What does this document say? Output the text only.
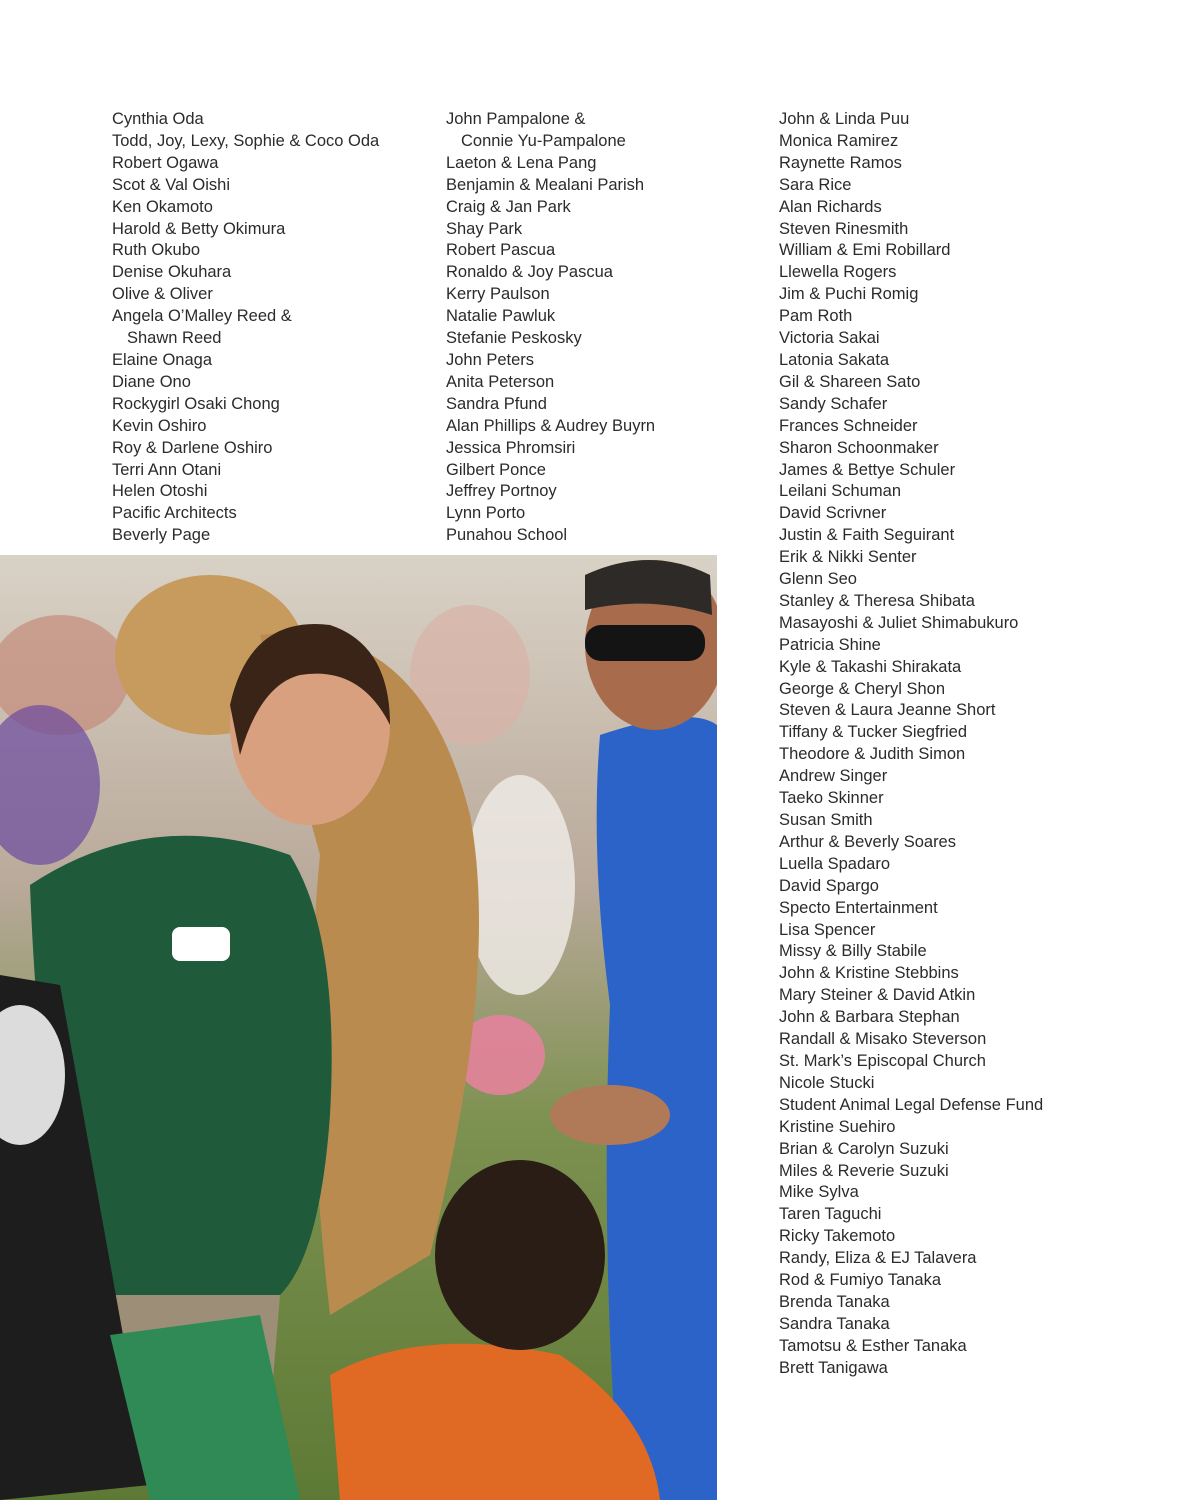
Cynthia Oda
Todd, Joy, Lexy, Sophie & Coco Oda
Robert Ogawa
Scot & Val Oishi
Ken Okamoto
Harold & Betty Okimura
Ruth Okubo
Denise Okuhara
Olive & Oliver
Angela O’Malley Reed &
Shawn Reed
Elaine Onaga
Diane Ono
Rockygirl Osaki Chong
Kevin Oshiro
Roy & Darlene Oshiro
Terri Ann Otani
Helen Otoshi
Pacific Architects
Beverly Page
John Pampalone &
Connie Yu-Pampalone
Laeton & Lena Pang
Benjamin & Mealani Parish
Craig & Jan Park
Shay Park
Robert Pascua
Ronaldo & Joy Pascua
Kerry Paulson
Natalie Pawluk
Stefanie Peskosky
John Peters
Anita Peterson
Sandra Pfund
Alan Phillips & Audrey Buyrn
Jessica Phromsiri
Gilbert Ponce
Jeffrey Portnoy
Lynn Porto
Punahou School
John & Linda Puu
Monica Ramirez
Raynette Ramos
Sara Rice
Alan Richards
Steven Rinesmith
William & Emi Robillard
Llewella Rogers
Jim & Puchi Romig
Pam Roth
Victoria Sakai
Latonia Sakata
Gil & Shareen Sato
Sandy Schafer
Frances Schneider
Sharon Schoonmaker
James & Bettye Schuler
Leilani Schuman
David Scrivner
Justin & Faith Seguirant
Erik & Nikki Senter
Glenn Seo
Stanley & Theresa Shibata
Masayoshi & Juliet Shimabukuro
Patricia Shine
Kyle & Takashi Shirakata
George & Cheryl Shon
Steven & Laura Jeanne Short
Tiffany & Tucker Siegfried
Theodore & Judith Simon
Andrew Singer
Taeko Skinner
Susan Smith
Arthur & Beverly Soares
Luella Spadaro
David Spargo
Specto Entertainment
Lisa Spencer
Missy & Billy Stabile
John & Kristine Stebbins
Mary Steiner & David Atkin
John & Barbara Stephan
Randall & Misako Steverson
St. Mark’s Episcopal Church
Nicole Stucki
Student Animal Legal Defense Fund
Kristine Suehiro
Brian & Carolyn Suzuki
Miles & Reverie Suzuki
Mike Sylva
Taren Taguchi
Ricky Takemoto
Randy, Eliza & EJ Talavera
Rod & Fumiyo Tanaka
Brenda Tanaka
Sandra Tanaka
Tamotsu & Esther Tanaka
Brett Tanigawa
